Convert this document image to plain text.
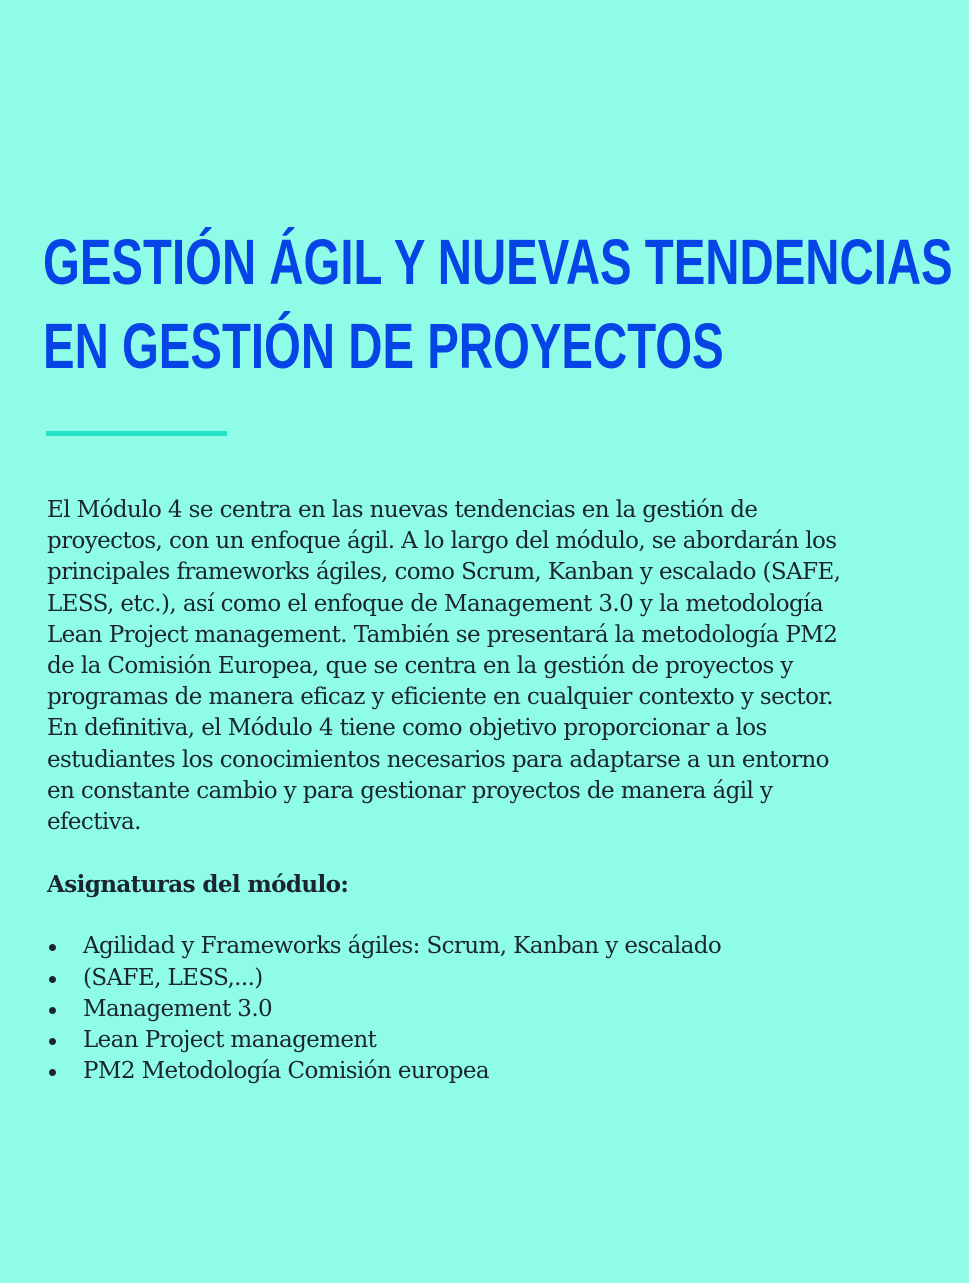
GESTIÓN ÁGIL Y NUEVAS TENDENCIAS
EN GESTIÓN DE PROYECTOS

El Módulo 4 se centra en las nuevas tendencias en la gestión de

proyectos, con un enfoque ágil. A lo largo del módulo, se abordarán los

principales frameworks ágiles, como Scrum, Kanban y escalado (SAFE,

LESS, etc.), así como el enfoque de Management 3.0 y la metodología

Lean Project management. También se presentará la metodología PM2

de la Comisión Europea, que se centra en la gestión de proyectos y

programas de manera eficaz y eficiente en cualquier contexto y sector.

En definitiva, el Módulo 4 tiene como objetivo proporcionar a los

estudiantes los conocimientos necesarios para adaptarse a un entorno

en constante cambio y para gestionar proyectos de manera ágil y

efectiva.

Asignaturas del módulo:

Agilidad y Frameworks ágiles: Scrum, Kanban y escalado
(SAFE, LESS,...)
Management 3.0
Lean Project management
PM2 Metodología Comisión europea
